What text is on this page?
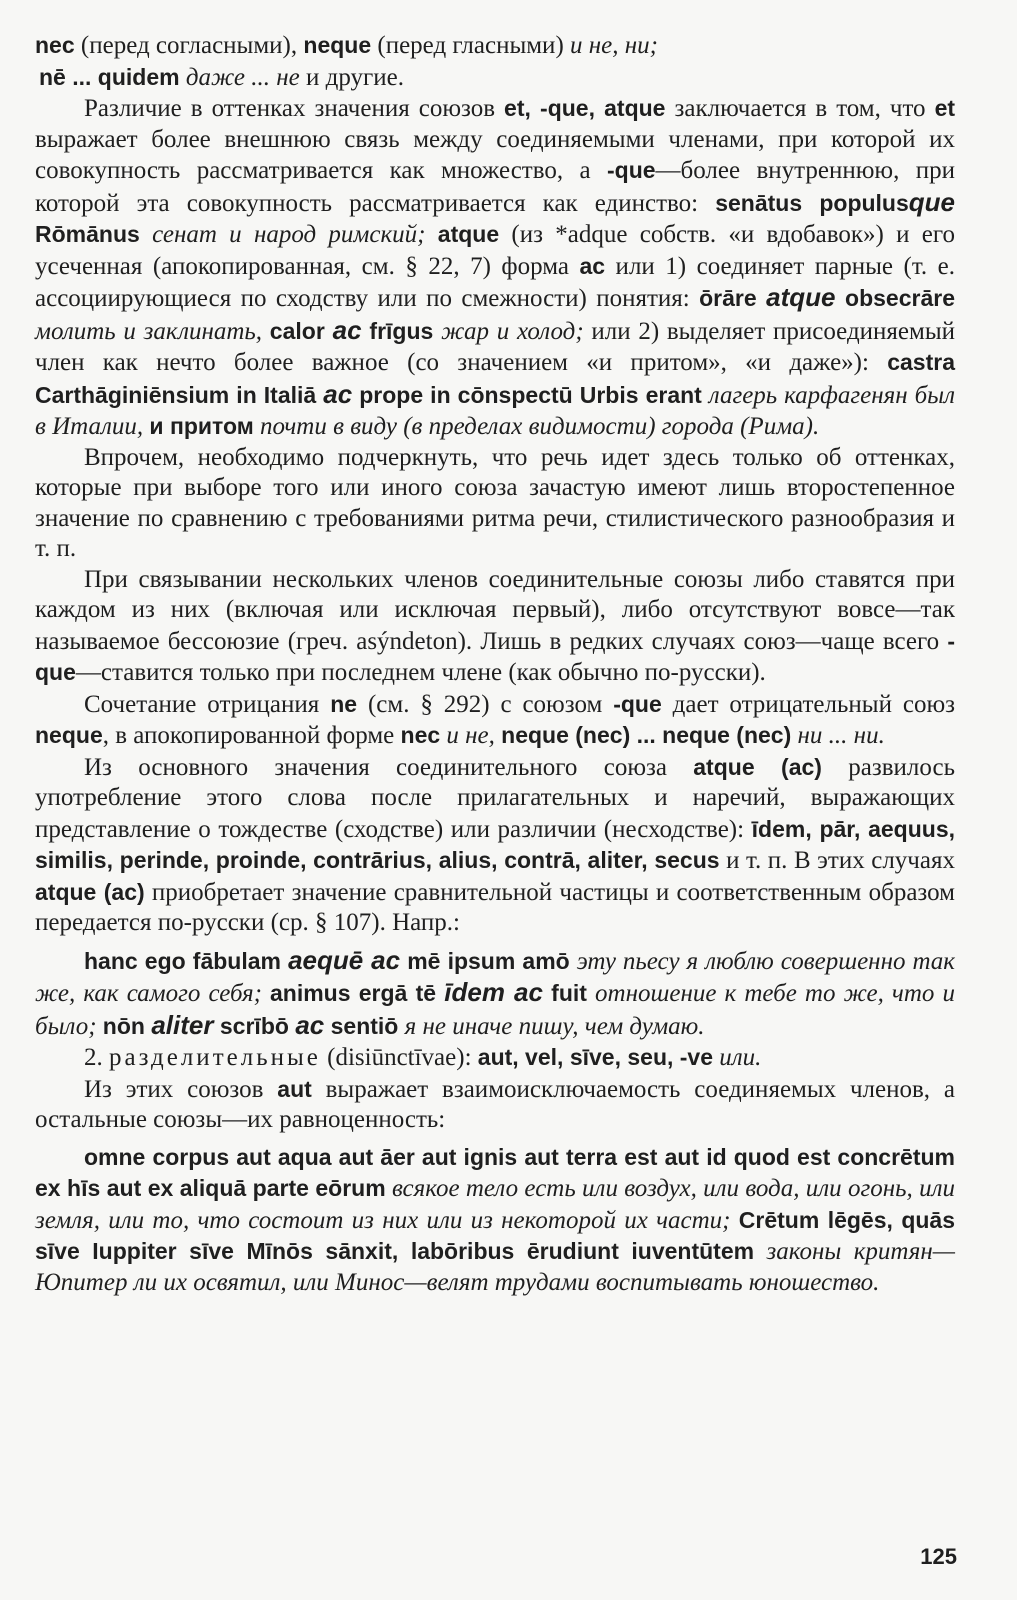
nec (перед согласными), neque (перед гласными) и не, ни;
nē ... quidem даже ... не и другие.

Различие в оттенках значения союзов et, -que, atque заключается в том, что et выражает более внешнюю связь между соединяемыми членами, при которой их совокупность рассматривается как множество, а -que—более внутреннюю, при которой эта совокупность рассматривается как единство: senātus populusque Rōmānus сенат и народ римский; atque (из *adque собств. «и вдобавок») и его усеченная (апокопированная, см. § 22, 7) форма ac или 1) соединяет парные (т. е. ассоциирующиеся по сходству или по смежности) понятия: ōrāre atque obsecrāre молить и заклинать, calor ac frīgus жар и холод; или 2) выделяет присоединяемый член как нечто более важное (со значением «и притом», «и даже»): castra Carthāginiēnsium in Italiā ac prope in cōnspectū Urbis erant лагерь карфагенян был в Италии, и притом почти в виду (в пределах видимости) города (Рима).

Впрочем, необходимо подчеркнуть, что речь идет здесь только об оттенках, которые при выборе того или иного союза зачастую имеют лишь второстепенное значение по сравнению с требованиями ритма речи, стилистического разнообразия и т. п.

При связывании нескольких членов соединительные союзы либо ставятся при каждом из них (включая или исключая первый), либо отсутствуют вовсе—так называемое бессоюзие (греч. asýndeton). Лишь в редких случаях союз—чаще всего -que—ставится только при последнем члене (как обычно по-русски).

Сочетание отрицания ne (см. § 292) с союзом -que дает отрицательный союз neque, в апокопированной форме nec и не, neque (nec) ... neque (nec) ни ... ни.

Из основного значения соединительного союза atque (ac) развилось употребление этого слова после прилагательных и наречий, выражающих представление о тождестве (сходстве) или различии (несходстве): īdem, pār, aequus, similis, perinde, proinde, contrārius, alius, contrā, aliter, secus и т. п. В этих случаях atque (ac) приобретает значение сравнительной частицы и соответственным образом передается по-русски (ср. § 107). Напр.:

hanc ego fābulam aequē ac mē ipsum amō эту пьесу я люблю совершенно так же, как самого себя; animus ergā tē īdem ac fuit отношение к тебе то же, что и было; nōn aliter scrībō ac sentiō я не иначе пишу, чем думаю.

2. разделительные (disiūnctīvae): aut, vel, sīve, seu, -ve или.

Из этих союзов aut выражает взаимоисключаемость соединяемых членов, а остальные союзы—их равноценность:

omne corpus aut aqua aut āer aut ignis aut terra est aut id quod est concrētum ex hīs aut ex aliquā parte eōrum всякое тело есть или воздух, или вода, или огонь, или земля, или то, что состоит из них или из некоторой их части; Crētum lēgēs, quās sīve Iuppiter sīve Mīnōs sānxit, labōribus ērudiunt iuventūtem законы критян—Юпитер ли их освятил, или Минос—велят трудами воспитывать юношество.

125
